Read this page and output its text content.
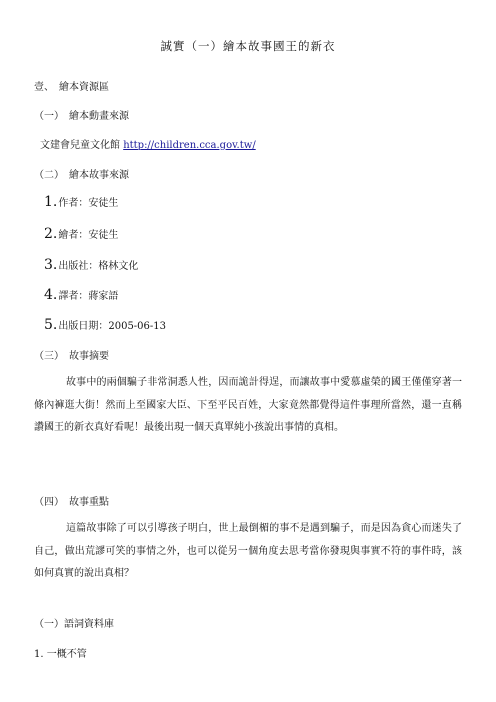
誠實（一）繪本故事國王的新衣
壹、　繪本資源區
（一）　繪本動畫來源
文建會兒童文化館 http://children.cca.gov.tw/
（二）　繪本故事來源
1.作者：安徒生
2.繪者：安徒生
3.出版社：格林文化
4.譯者：蔣家語
5.出版日期：2005-06-13
（三）　故事摘要
故事中的兩個騙子非常洞悉人性，因而詭計得逞，而讓故事中愛慕虛榮的國王僅僅穿著一條內褲逛大街！然而上至國家大臣、下至平民百姓，大家竟然都覺得這件事理所當然，還一直稱讚國王的新衣真好看呢！最後出現一個天真單純小孩說出事情的真相。
（四）　故事重點
這篇故事除了可以引導孩子明白，世上最倒楣的事不是遇到騙子，而是因為貪心而迷失了自己，做出荒謬可笑的事情之外，也可以從另一個角度去思考當你發現與事實不符的事件時，該如何真實的說出真相？
（一）語詞資料庫
1. 一概不管
